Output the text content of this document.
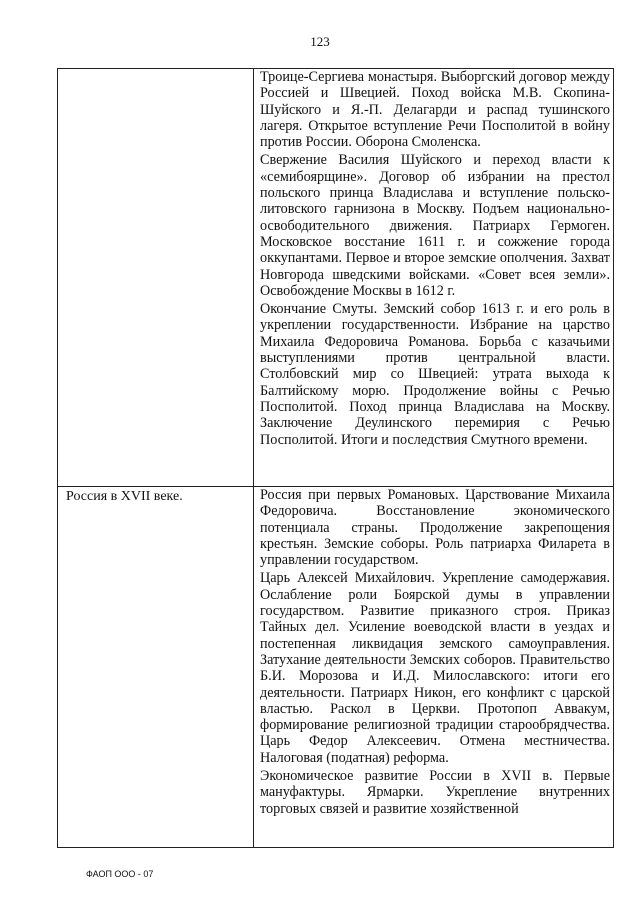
123

Троице-Сергиева монастыря. Выборгский договор между Россией и Швецией. Поход войска М.В. Скопина-Шуйского и Я.-П. Делагарди и распад тушинского лагеря. Открытое вступление Речи Посполитой в войну против России. Оборона Смоленска.

Свержение Василия Шуйского и переход власти к «семибоярщине». Договор об избрании на престол польского принца Владислава и вступление польско-литовского гарнизона в Москву. Подъем национально-освободительного движения. Патриарх Гермоген. Московское восстание 1611 г. и сожжение города оккупантами. Первое и второе земские ополчения. Захват Новгорода шведскими войсками. «Совет всея земли». Освобождение Москвы в 1612 г.

Окончание Смуты. Земский собор 1613 г. и его роль в укреплении государственности. Избрание на царство Михаила Федоровича Романова. Борьба с казачьими выступлениями против центральной власти. Столбовский мир со Швецией: утрата выхода к Балтийскому морю. Продолжение войны с Речью Посполитой. Поход принца Владислава на Москву. Заключение Деулинского перемирия с Речью Посполитой. Итоги и последствия Смутного времени.

Россия в XVII веке.	Россия при первых Романовых. Царствование Михаила Федоровича. Восстановление экономического потенциала страны. Продолжение закрепощения крестьян. Земские соборы. Роль патриарха Филарета в управлении государством.

Царь Алексей Михайлович. Укрепление самодержавия. Ослабление роли Боярской думы в управлении государством. Развитие приказного строя. Приказ Тайных дел. Усиление воеводской власти в уездах и постепенная ликвидация земского самоуправления. Затухание деятельности Земских соборов. Правительство Б.И. Морозова и И.Д. Милославского: итоги его деятельности. Патриарх Никон, его конфликт с царской властью. Раскол в Церкви. Протопоп Аввакум, формирование религиозной традиции старообрядчества. Царь Федор Алексеевич. Отмена местничества. Налоговая (податная) реформа.

Экономическое развитие России в XVII в. Первые мануфактуры. Ярмарки. Укрепление внутренних торговых связей и развитие хозяйственной

ФАОП ООО - 07
